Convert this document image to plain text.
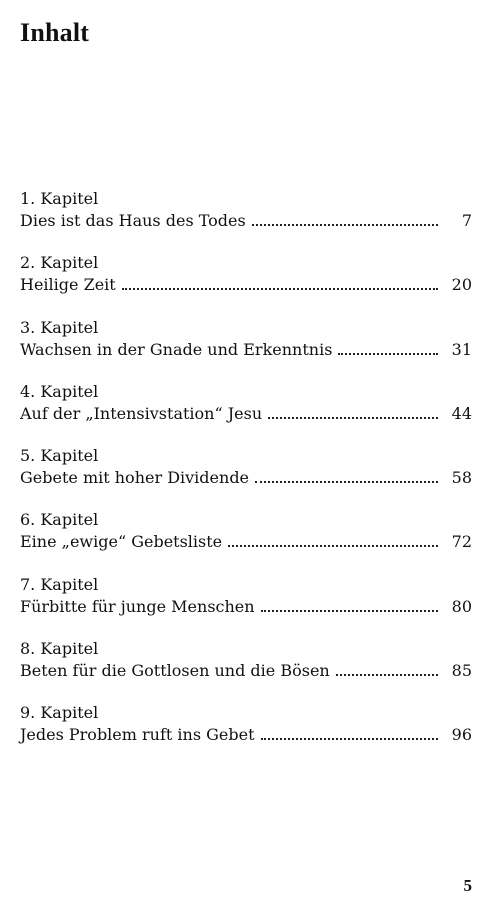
Inhalt
1. Kapitel
Dies ist das Haus des Todes	7
2. Kapitel
Heilige Zeit	20
3. Kapitel
Wachsen in der Gnade und Erkenntnis	31
4. Kapitel
Auf der „Intensivstation“ Jesu	44
5. Kapitel
Gebete mit hoher Dividende	58
6. Kapitel
Eine „ewige“ Gebetsliste	72
7. Kapitel
Fürbitte für junge Menschen	80
8. Kapitel
Beten für die Gottlosen und die Bösen	85
9. Kapitel
Jedes Problem ruft ins Gebet	96

5
